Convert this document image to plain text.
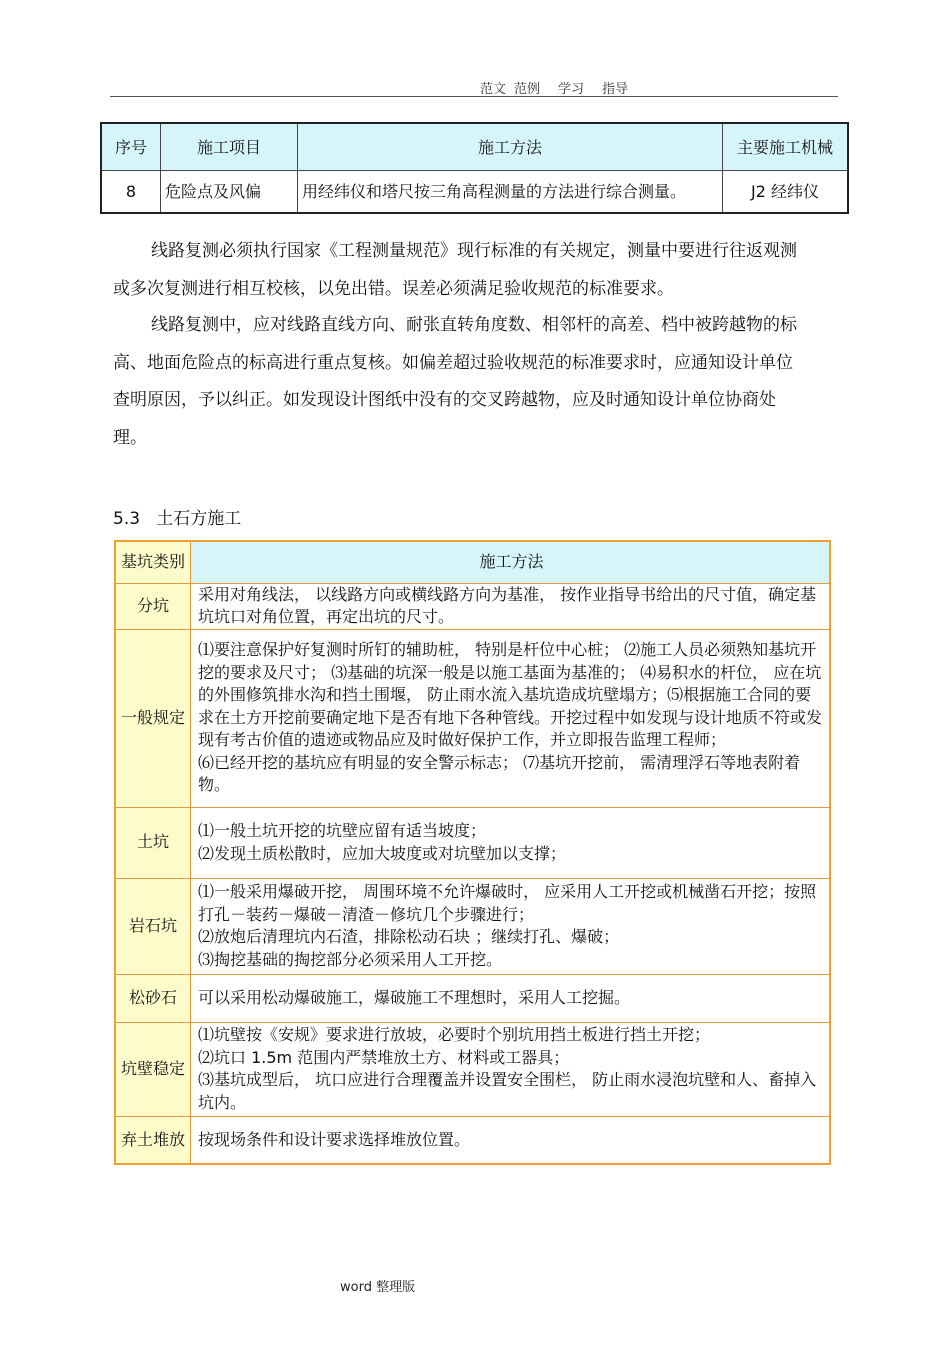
范文 范例 学习 指导
序号	施工项目	施工方法	主要施工机械
8	危险点及风偏	用经纬仪和塔尺按三角高程测量的方法进行综合测量。	J2 经纬仪

线路复测必须执行国家《工程测量规范》现行标准的有关规定，测量中要进行往返观测或多次复测进行相互校核，以免出错。误差必须满足验收规范的标准要求。

线路复测中，应对线路直线方向、耐张直转角度数、相邻杆的高差、档中被跨越物的标高、地面危险点的标高进行重点复核。如偏差超过验收规范的标准要求时，应通知设计单位查明原因，予以纠正。如发现设计图纸中没有的交叉跨越物，应及时通知设计单位协商处理。

5.3   土石方施工
基坑类别	施工方法
分坑	采用对角线法， 以线路方向或横线路方向为基准， 按作业指导书给出的尺寸值，确定基坑坑口对角位置，再定出坑的尺寸。

一般规定	⑴要注意保护好复测时所钉的辅助桩， 特别是杆位中心桩； ⑵施工人员必须熟知基坑开挖的要求及尺寸； ⑶基础的坑深一般是以施工基面为基准的； ⑷易积水的杆位， 应在坑的外围修筑排水沟和挡土围堰， 防止雨水流入基坑造成坑壁塌方；⑸根据施工合同的要求在土方开挖前要确定地下是否有地下各种管线。开挖过程中如发现与设计地质不符或发现有考古价值的遗迹或物品应及时做好保护工作，并立即报告监理工程师；
⑹已经开挖的基坑应有明显的安全警示标志； ⑺基坑开挖前， 需清理浮石等地表附着物。

土坑	⑴一般土坑开挖的坑壁应留有适当坡度；
⑵发现土质松散时，应加大坡度或对坑壁加以支撑；

岩石坑	⑴一般采用爆破开挖， 周围环境不允许爆破时， 应采用人工开挖或机械凿石开挖；按照打孔－装药－爆破－清渣－修坑几个步骤进行；
⑵放炮后清理坑内石渣，排除松动石块 ；继续打孔、爆破；
⑶掏挖基础的掏挖部分必须采用人工开挖。

松砂石	可以采用松动爆破施工，爆破施工不理想时，采用人工挖掘。

坑壁稳定	⑴坑壁按《安规》要求进行放坡，必要时个别坑用挡土板进行挡土开挖；
⑵坑口 1.5m 范围内严禁堆放土方、材料或工器具；
⑶基坑成型后， 坑口应进行合理覆盖并设置安全围栏， 防止雨水浸泡坑壁和人、畜掉入坑内。

弃土堆放	按现场条件和设计要求选择堆放位置。
word 整理版
